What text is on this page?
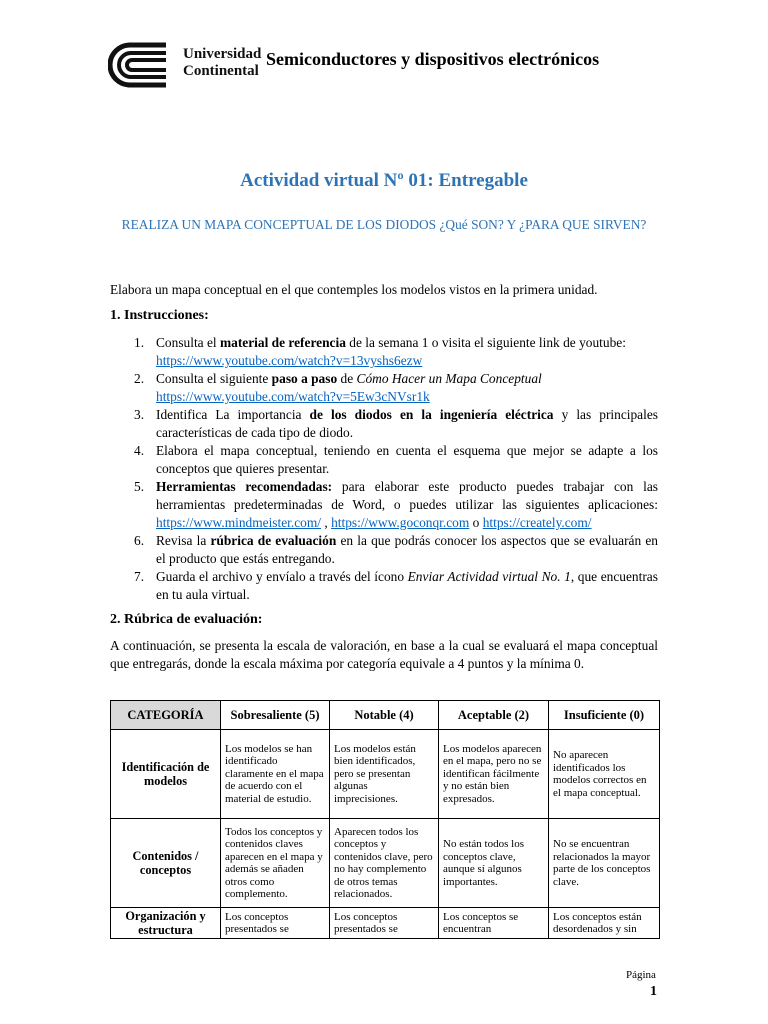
Universidad
Continental
Semiconductores y dispositivos electrónicos
Actividad virtual Nº 01: Entregable
REALIZA UN MAPA CONCEPTUAL DE LOS DIODOS ¿Qué SON? Y ¿PARA QUE SIRVEN?
Elabora un mapa conceptual en el que contemples los modelos vistos en la primera unidad.
1. Instrucciones:
1. Consulta el material de referencia de la semana 1 o visita el siguiente link de youtube:
https://www.youtube.com/watch?v=13vyshs6ezw
2. Consulta el siguiente paso a paso de Cómo Hacer un Mapa Conceptual
https://www.youtube.com/watch?v=5Ew3cNVsr1k
3. Identifica La importancia de los diodos en la ingeniería eléctrica y las principales características de cada tipo de diodo.
4. Elabora el mapa conceptual, teniendo en cuenta el esquema que mejor se adapte a los conceptos que quieres presentar.
5. Herramientas recomendadas: para elaborar este producto puedes trabajar con las herramientas predeterminadas de Word, o puedes utilizar las siguientes aplicaciones: https://www.mindmeister.com/ , https://www.goconqr.com o https://creately.com/
6. Revisa la rúbrica de evaluación en la que podrás conocer los aspectos que se evaluarán en el producto que estás entregando.
7. Guarda el archivo y envíalo a través del ícono Enviar Actividad virtual No. 1, que encuentras en tu aula virtual.
2. Rúbrica de evaluación:
A continuación, se presenta la escala de valoración, en base a la cual se evaluará el mapa conceptual que entregarás, donde la escala máxima por categoría equivale a 4 puntos y la mínima 0.
CATEGORÍA	Sobresaliente (5)	Notable (4)	Aceptable (2)	Insuficiente (0)
Identificación de modelos	Los modelos se han identificado claramente en el mapa de acuerdo con el material de estudio.	Los modelos están bien identificados, pero se presentan algunas imprecisiones.	Los modelos aparecen en el mapa, pero no se identifican fácilmente y no están bien expresados.	No aparecen identificados los modelos correctos en el mapa conceptual.
Contenidos / conceptos	Todos los conceptos y contenidos claves aparecen en el mapa y además se añaden otros como complemento.	Aparecen todos los conceptos y contenidos clave, pero no hay complemento de otros temas relacionados.	No están todos los conceptos clave, aunque sí algunos importantes.	No se encuentran relacionados la mayor parte de los conceptos clave.
Organización y estructura	Los conceptos presentados se	Los conceptos presentados se	Los conceptos se encuentran	Los conceptos están desordenados y sin
Página
1
